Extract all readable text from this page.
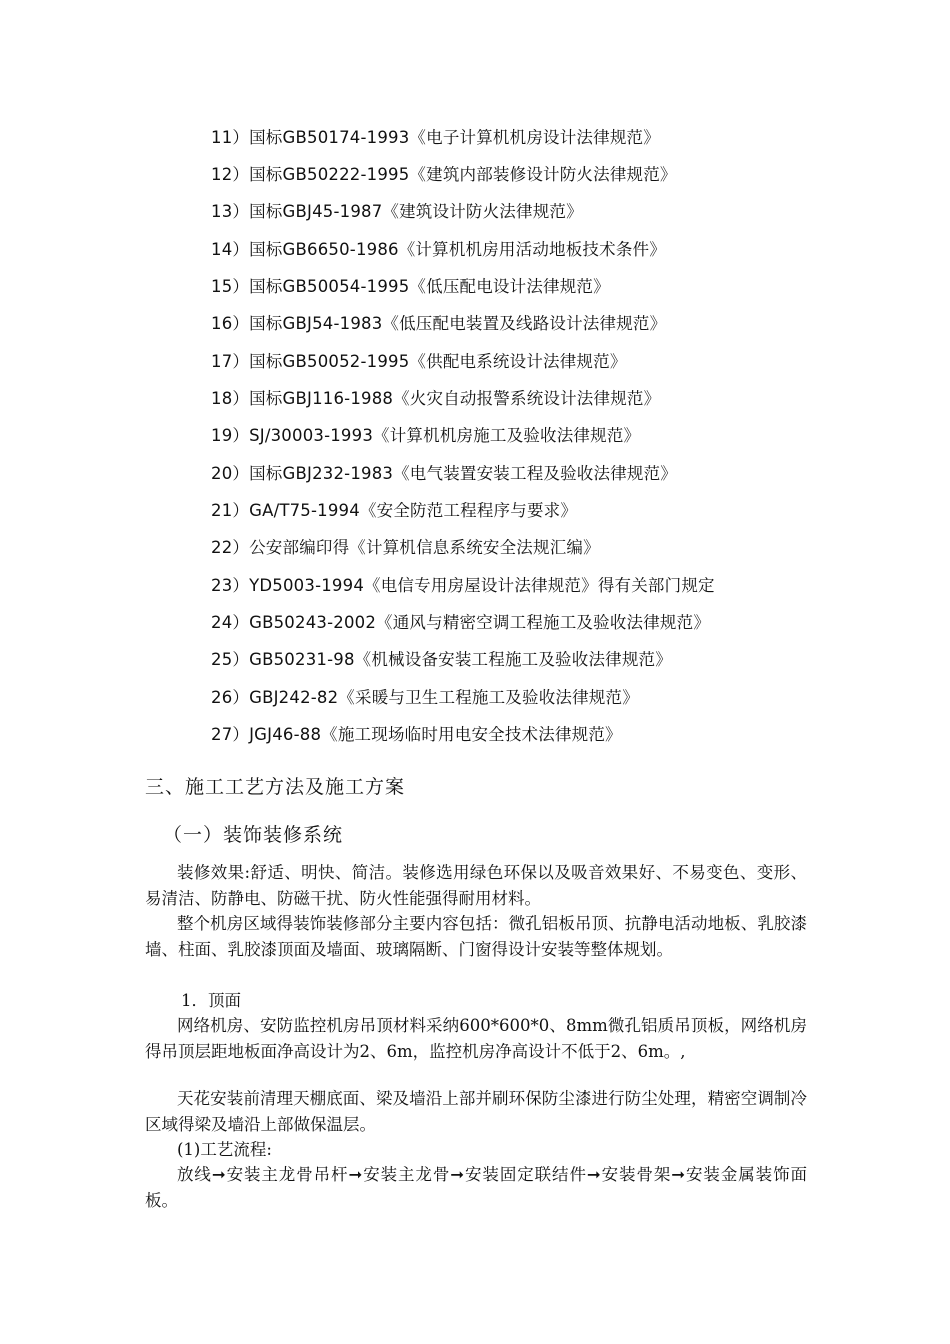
11）国标GB50174-1993《电子计算机机房设计法律规范》
12）国标GB50222-1995《建筑内部装修设计防火法律规范》
13）国标GBJ45-1987《建筑设计防火法律规范》
14）国标GB6650-1986《计算机机房用活动地板技术条件》
15）国标GB50054-1995《低压配电设计法律规范》
16）国标GBJ54-1983《低压配电装置及线路设计法律规范》
17）国标GB50052-1995《供配电系统设计法律规范》
18）国标GBJ116-1988《火灾自动报警系统设计法律规范》
19）SJ/30003-1993《计算机机房施工及验收法律规范》
20）国标GBJ232-1983《电气装置安装工程及验收法律规范》
21）GA/T75-1994《安全防范工程程序与要求》
22）公安部编印得《计算机信息系统安全法规汇编》
23）YD5003-1994《电信专用房屋设计法律规范》得有关部门规定
24）GB50243-2002《通风与精密空调工程施工及验收法律规范》
25）GB50231-98《机械设备安装工程施工及验收法律规范》
26）GBJ242-82《采暖与卫生工程施工及验收法律规范》
27）JGJ46-88《施工现场临时用电安全技术法律规范》
三、施工工艺方法及施工方案
（一）装饰装修系统

装修效果:舒适、明快、简洁。装修选用绿色环保以及吸音效果好、不易变色、变形、易清洁、防静电、防磁干扰、防火性能强得耐用材料。

整个机房区域得装饰装修部分主要内容包括：微孔铝板吊顶、抗静电活动地板、乳胶漆墙、柱面、乳胶漆顶面及墙面、玻璃隔断、门窗得设计安装等整体规划。

1．顶面

网络机房、安防监控机房吊顶材料采纳600*600*0、8mm微孔铝质吊顶板，网络机房得吊顶层距地板面净高设计为2、6m，监控机房净高设计不低于2、6m。,

天花安装前清理天棚底面、梁及墙沿上部并刷环保防尘漆进行防尘处理，精密空调制冷区域得梁及墙沿上部做保温层。

(1)工艺流程:

放线➞安装主龙骨吊杆➞安装主龙骨➞安装固定联结件➞安装骨架➞安装金属装饰面板。
